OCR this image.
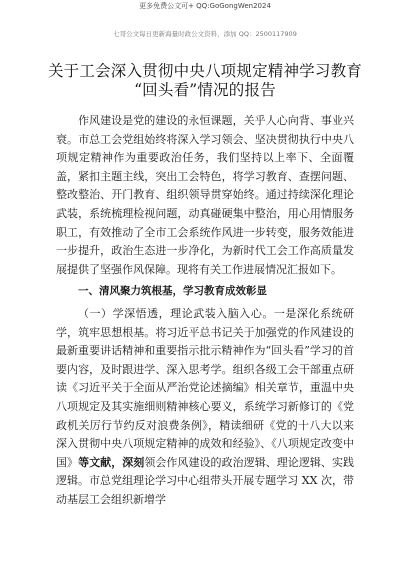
更多免费公文可+ QQ:GoGongWen2024
七哥公文每日更新海量时政公文资料，添加 QQ：2500117909
关于工会深入贯彻中央八项规定精神学习教育
“回头看”情况的报告

作风建设是党的建设的永恒课题，关乎人心向背、事业兴衰。市总工会党组始终将深入学习领会、坚决贯彻执行中央八项规定精神作为重要政治任务，我们坚持以上率下、全面覆盖，紧扣主题主线，突出工会特色，将学习教育、查摆问题、整改整治、开门教育、组织领导贯穿始终。通过持续深化理论武装，系统梳理检视问题，动真碰硬集中整治，用心用情服务职工，有效推动了全市工会系统作风进一步转变，服务效能进一步提升，政治生态进一步净化，为新时代工会工作高质量发展提供了坚强作风保障。现将有关工作进展情况汇报如下。

一、清风聚力筑根基，学习教育成效彰显

（一）学深悟透，理论武装入脑入心。一是深化系统研学，筑牢思想根基。将习近平总书记关于加强党的作风建设的最新重要讲话精神和重要指示批示精神作为“回头看”学习的首要内容，及时跟进学、深入思考学。组织各级工会干部重点研读《习近平关于全面从严治党论述摘编》相关章节，重温中央八项规定及其实施细则精神核心要义，系统学习新修订的《党政机关厉行节约反对浪费条例》，精读细研《党的十八大以来深入贯彻中央八项规定精神的成效和经验》、《八项规定改变中国》等文献，深刻领会作风建设的政治逻辑、理论逻辑、实践逻辑。市总党组理论学习中心组带头开展专题学习 XX 次，带动基层工会组织新增学
